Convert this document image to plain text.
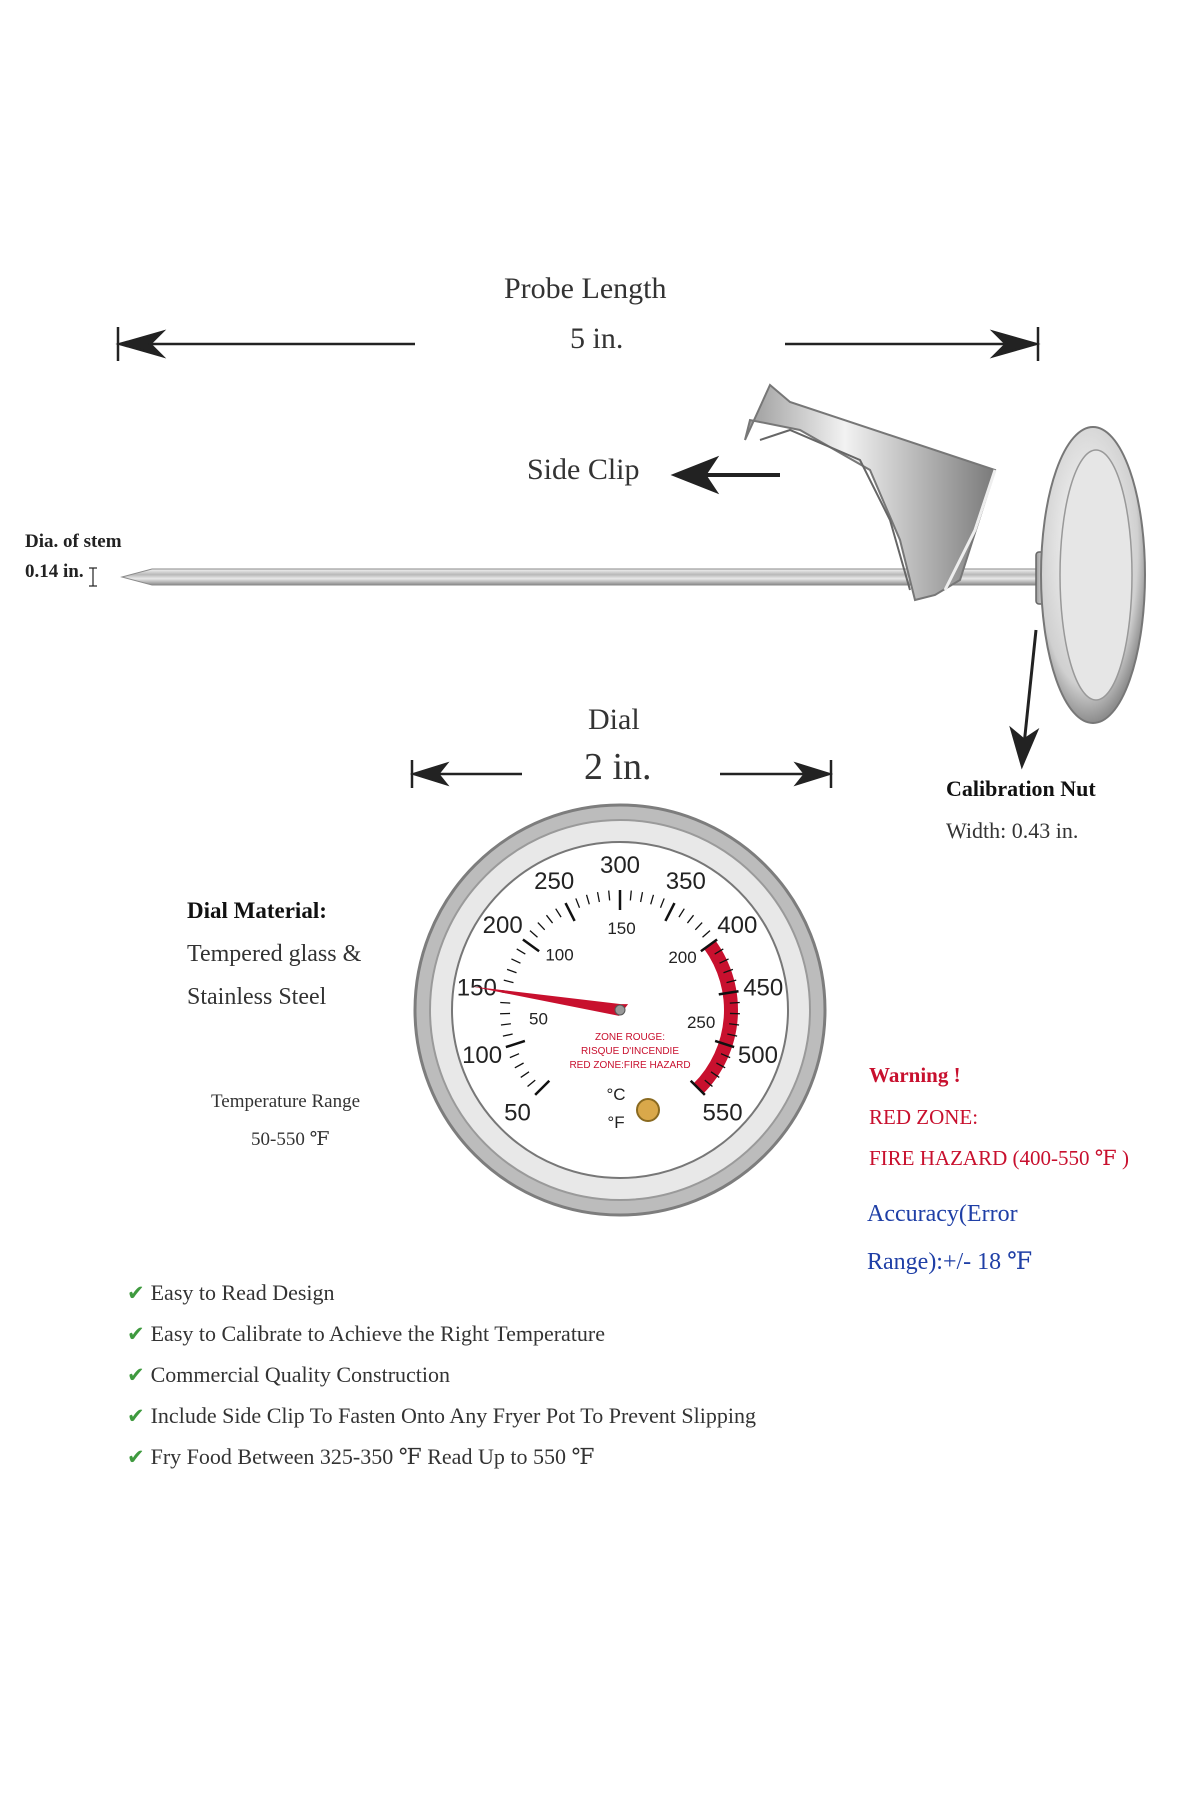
50
100
150
200
250
300
350
400
450
500
550
50
100
150
200
250
ZONE ROUGE:
RISQUE D'INCENDIE
RED ZONE:FIRE HAZARD
°C
°F
Probe Length
5 in.
Side Clip
Dia. of stem
0.14 in.
Dial
2 in.
Calibration Nut
Width: 0.43 in.
Dial Material:
Tempered glass &
Stainless Steel
Temperature Range
50-550 ℉
Warning !
RED ZONE:
FIRE HAZARD (400-550 ℉ )
Accuracy(Error
Range):+/- 18 ℉
✔ Easy to Read Design
✔ Easy to Calibrate to Achieve the Right Temperature
✔ Commercial Quality Construction
✔ Include Side Clip To Fasten Onto Any Fryer Pot To Prevent Slipping
✔ Fry Food Between 325-350 ℉ Read Up to 550 ℉
